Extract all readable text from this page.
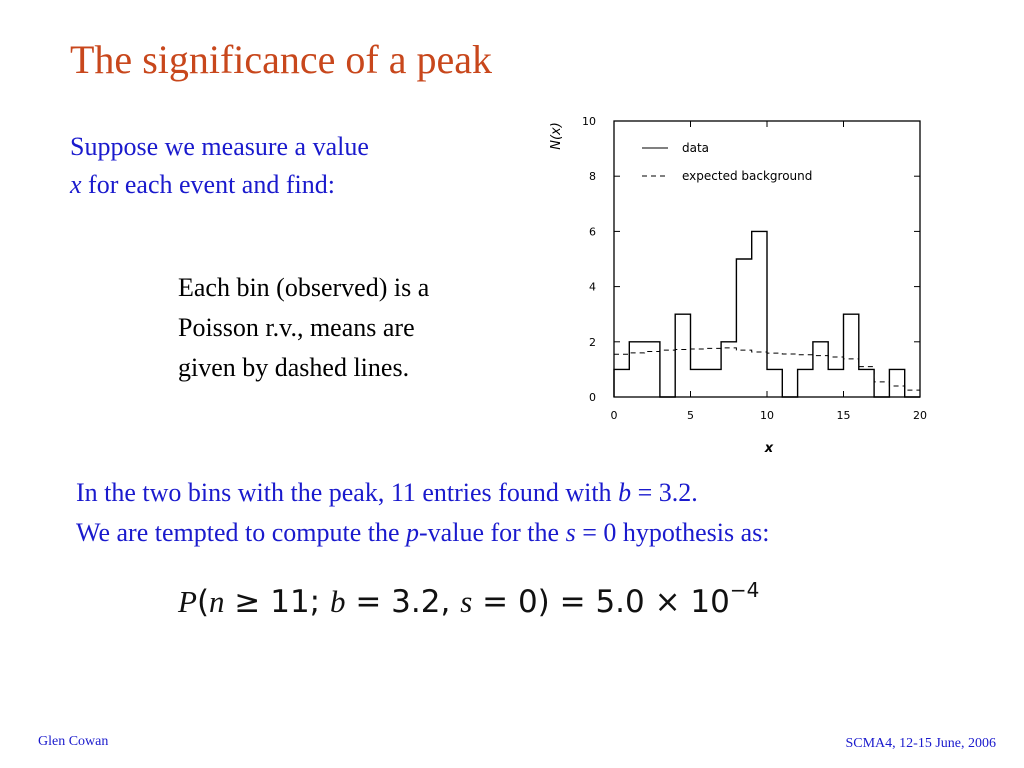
The significance of a peak
Suppose we measure a value
x for each event and find:
Each bin (observed) is a
Poisson r.v., means are
given by dashed lines.
0
2
4
6
8
10
0	5	10	15	20
x
N(x)	data
expected background
In the two bins with the peak, 11 entries found with b = 3.2.
We are tempted to compute the p-value for the s = 0 hypothesis as:
P(n ≥ 11; b = 3.2, $s = 0) = 5.0 \times 10^{-4}$
Glen Cowan	SCMA4, 12-15 June, 2006
